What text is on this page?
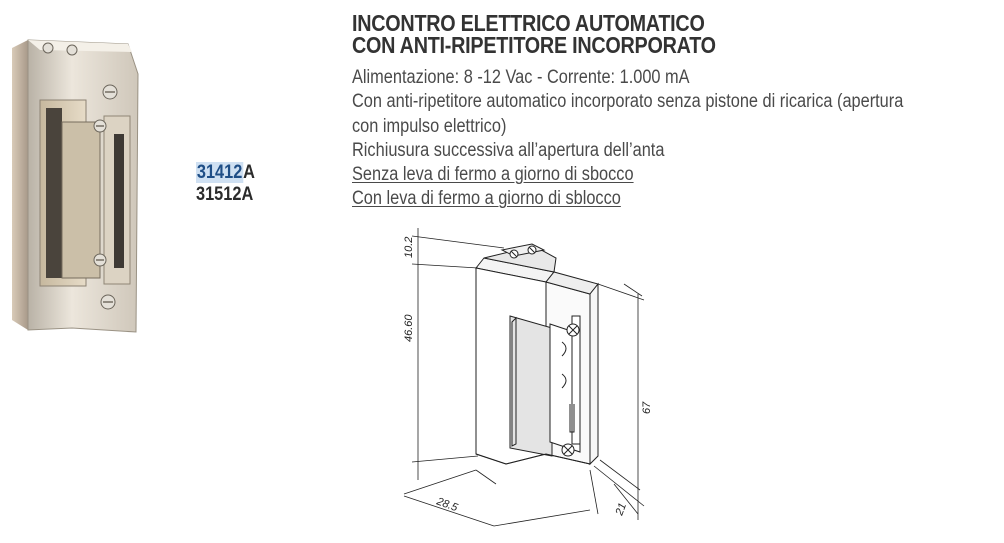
INCONTRO ELETTRICO AUTOMATICO
CON ANTI-RIPETITORE INCORPORATO
Alimentazione: 8 -12 Vac - Corrente: 1.000 mA
Con anti-ripetitore automatico incorporato senza pistone di ricarica (apertura
con impulso elettrico)
Richiusura successiva all’apertura dell’anta
Senza leva di fermo a giorno di sbocco
Con leva di fermo a giorno di sblocco
31412A
31512A
10.2
46.60
67
28.5	21
